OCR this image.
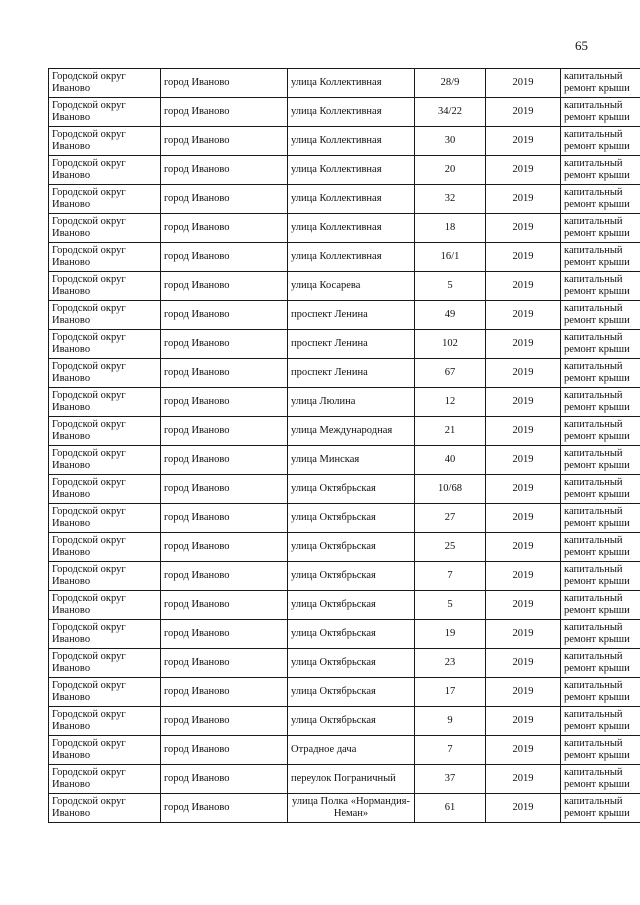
65
Городской округ Иваново	город Иваново	улица Коллективная	28/9	2019	капитальный ремонт крыши

Городской округ Иваново	город Иваново	улица Коллективная	34/22	2019	капитальный ремонт крыши

Городской округ Иваново	город Иваново	улица Коллективная	30	2019	капитальный ремонт крыши

Городской округ Иваново	город Иваново	улица Коллективная	20	2019	капитальный ремонт крыши

Городской округ Иваново	город Иваново	улица Коллективная	32	2019	капитальный ремонт крыши

Городской округ Иваново	город Иваново	улица Коллективная	18	2019	капитальный ремонт крыши

Городской округ Иваново	город Иваново	улица Коллективная	16/1	2019	капитальный ремонт крыши

Городской округ Иваново	город Иваново	улица Косарева	5	2019	капитальный ремонт крыши

Городской округ Иваново	город Иваново	проспект Ленина	49	2019	капитальный ремонт крыши

Городской округ Иваново	город Иваново	проспект Ленина	102	2019	капитальный ремонт крыши

Городской округ Иваново	город Иваново	проспект Ленина	67	2019	капитальный ремонт крыши

Городской округ Иваново	город Иваново	улица Люлина	12	2019	капитальный ремонт крыши

Городской округ Иваново	город Иваново	улица Международная	21	2019	капитальный ремонт крыши

Городской округ Иваново	город Иваново	улица Минская	40	2019	капитальный ремонт крыши

Городской округ Иваново	город Иваново	улица Октябрьская	10/68	2019	капитальный ремонт крыши

Городской округ Иваново	город Иваново	улица Октябрьская	27	2019	капитальный ремонт крыши

Городской округ Иваново	город Иваново	улица Октябрьская	25	2019	капитальный ремонт крыши

Городской округ Иваново	город Иваново	улица Октябрьская	7	2019	капитальный ремонт крыши

Городской округ Иваново	город Иваново	улица Октябрьская	5	2019	капитальный ремонт крыши

Городской округ Иваново	город Иваново	улица Октябрьская	19	2019	капитальный ремонт крыши

Городской округ Иваново	город Иваново	улица Октябрьская	23	2019	капитальный ремонт крыши

Городской округ Иваново	город Иваново	улица Октябрьская	17	2019	капитальный ремонт крыши

Городской округ Иваново	город Иваново	улица Октябрьская	9	2019	капитальный ремонт крыши

Городской округ Иваново	город Иваново	Отрадное дача	7	2019	капитальный ремонт крыши

Городской округ Иваново	город Иваново	переулок Пограничный	37	2019	капитальный ремонт крыши

Городской округ Иваново	город Иваново	улица Полка «Нормандия-Неман»	61	2019	капитальный ремонт крыши
